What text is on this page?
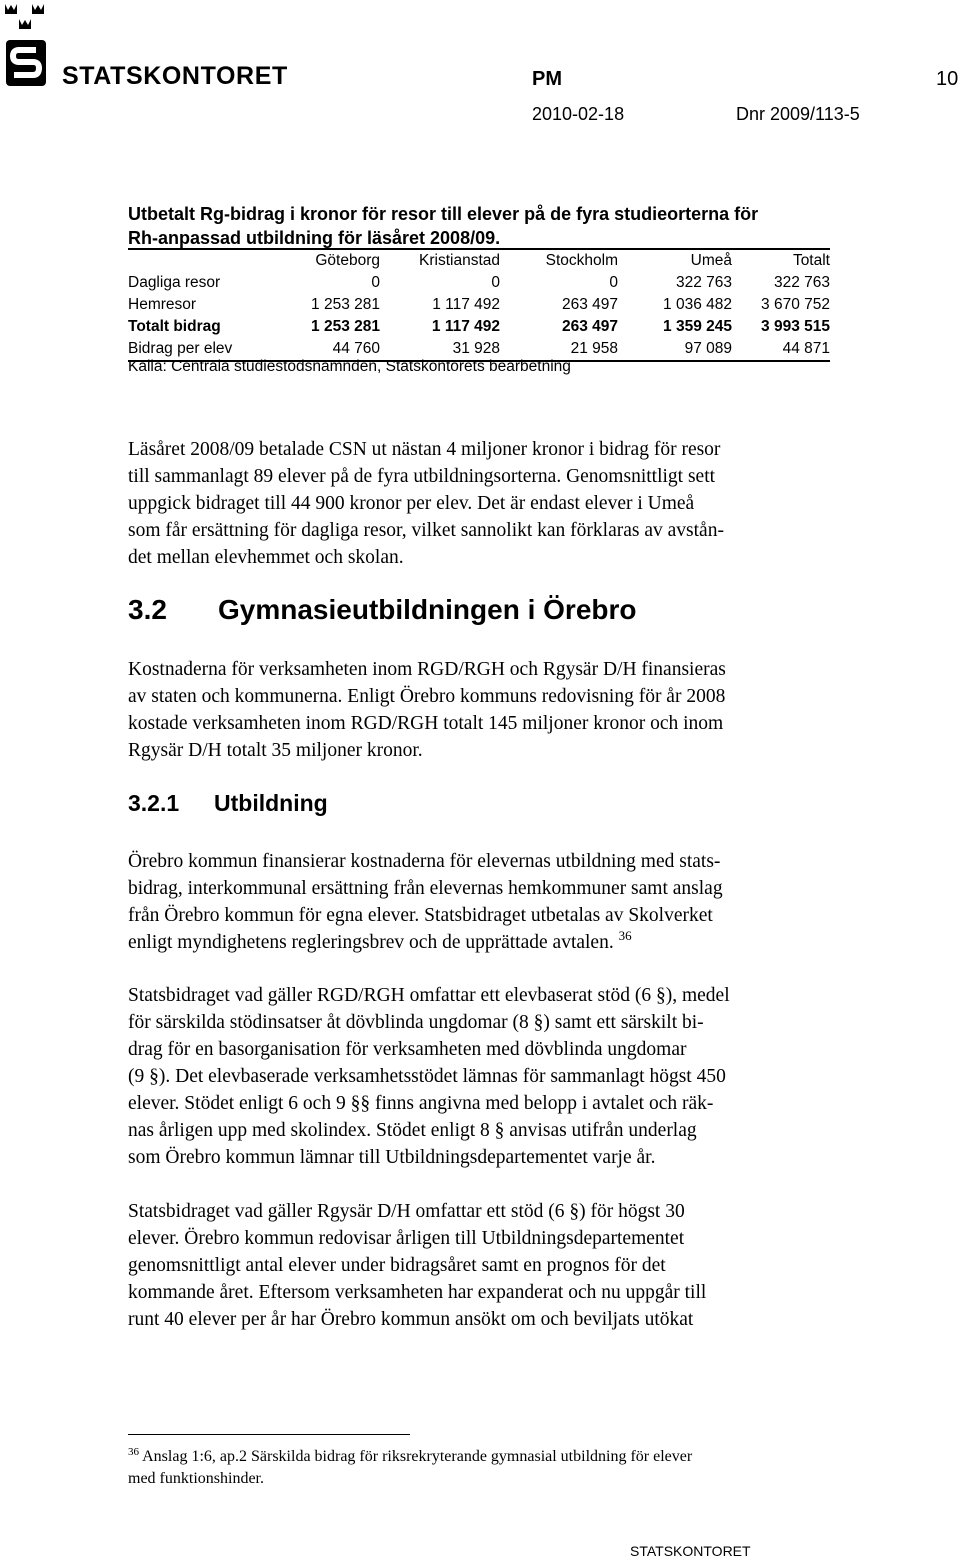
STATSKONTORET	PM	10
2010-02-18	Dnr 2009/113-5
Utbetalt Rg-bidrag i kronor för resor till elever på de fyra studieorterna för
Rh-anpassad utbildning för läsåret 2008/09.
Göteborg	Kristianstad	Stockholm	Umeå	Totalt
Dagliga resor	0	0	0	322 763	322 763
Hemresor	1 253 281	1 117 492	263 497	1 036 482	3 670 752
Totalt bidrag	1 253 281	1 117 492	263 497	1 359 245	3 993 515
Bidrag per elev	44 760	31 928	21 958	97 089	44 871
Källa: Centrala studiestödsnämnden, Statskontorets bearbetning
Läsåret 2008/09 betalade CSN ut nästan 4 miljoner kronor i bidrag för resor
till sammanlagt 89 elever på de fyra utbildningsorterna. Genomsnittligt sett
uppgick bidraget till 44 900 kronor per elev. Det är endast elever i Umeå
som får ersättning för dagliga resor, vilket sannolikt kan förklaras av avstån-
det mellan elevhemmet och skolan.
3.2 Gymnasieutbildningen i Örebro
Kostnaderna för verksamheten inom RGD/RGH och Rgysär D/H finansieras
av staten och kommunerna. Enligt Örebro kommuns redovisning för år 2008
kostade verksamheten inom RGD/RGH totalt 145 miljoner kronor och inom
Rgysär D/H totalt 35 miljoner kronor.
3.2.1 Utbildning
Örebro kommun finansierar kostnaderna för elevernas utbildning med stats-
bidrag, interkommunal ersättning från elevernas hemkommuner samt anslag
från Örebro kommun för egna elever. Statsbidraget utbetalas av Skolverket
enligt myndighetens regleringsbrev och de upprättade avtalen. $^{36}$
Statsbidraget vad gäller RGD/RGH omfattar ett elevbaserat stöd (6 §), medel
för särskilda stödinsatser åt dövblinda ungdomar (8 §) samt ett särskilt bi-
drag för en basorganisation för verksamheten med dövblinda ungdomar
(9 §). Det elevbaserade verksamhetsstödet lämnas för sammanlagt högst 450
elever. Stödet enligt 6 och 9 §§ finns angivna med belopp i avtalet och räk-
nas årligen upp med skolindex. Stödet enligt 8 § anvisas utifrån underlag
som Örebro kommun lämnar till Utbildningsdepartementet varje år.
Statsbidraget vad gäller Rgysär D/H omfattar ett stöd (6 §) för högst 30
elever. Örebro kommun redovisar årligen till Utbildningsdepartementet
genomsnittligt antal elever under bidragsåret samt en prognos för det
kommande året. Eftersom verksamheten har expanderat och nu uppgår till
runt 40 elever per år har Örebro kommun ansökt om och beviljats utökat
$^{36}$ Anslag 1:6, ap.2 Särskilda bidrag för riksrekryterande gymnasial utbildning för elever
med funktionshinder.
STATSKONTORET
